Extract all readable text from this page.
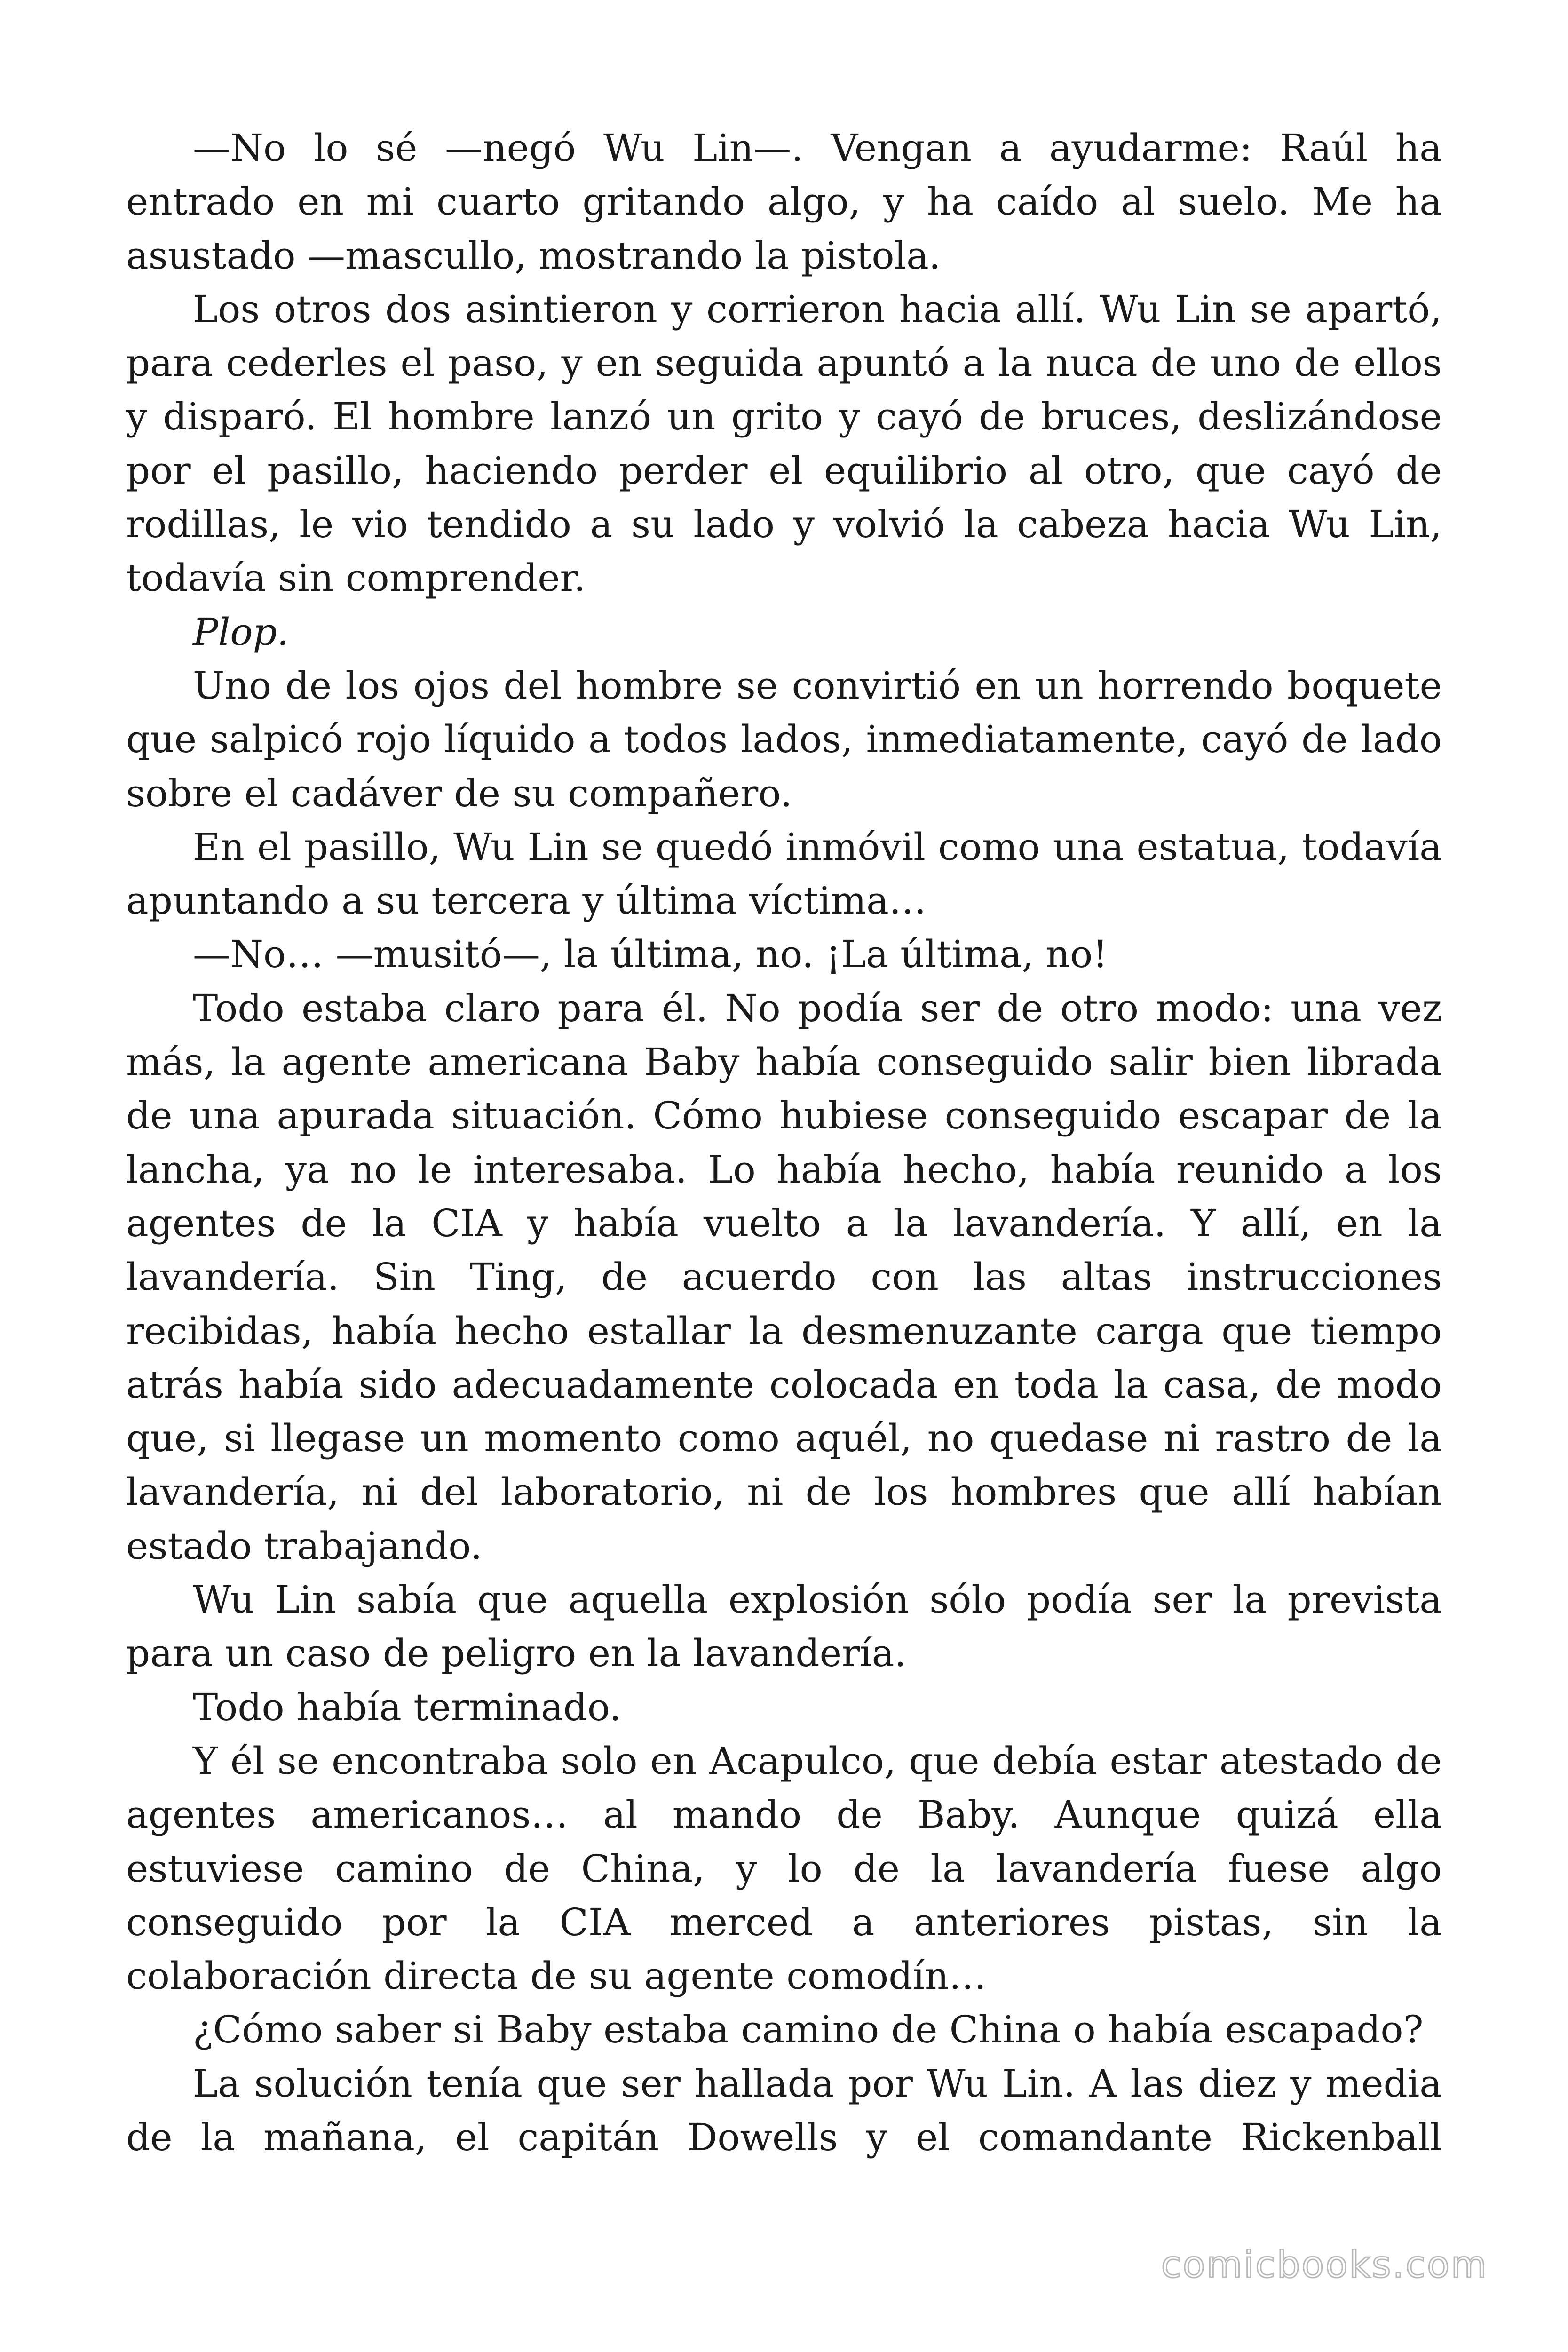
—No lo sé —negó Wu Lin—. Vengan a ayudarme: Raúl ha entrado en mi cuarto gritando algo, y ha caído al suelo. Me ha asustado —mascullo, mostrando la pistola.

Los otros dos asintieron y corrieron hacia allí. Wu Lin se apartó, para cederles el paso, y en seguida apuntó a la nuca de uno de ellos y disparó. El hombre lanzó un grito y cayó de bruces, deslizándose por el pasillo, haciendo perder el equilibrio al otro, que cayó de rodillas, le vio tendido a su lado y volvió la cabeza hacia Wu Lin, todavía sin comprender.

Plop.

Uno de los ojos del hombre se convirtió en un horrendo boquete que salpicó rojo líquido a todos lados, inmediatamente, cayó de lado sobre el cadáver de su compañero.

En el pasillo, Wu Lin se quedó inmóvil como una estatua, todavía apuntando a su tercera y última víctima…

—No… —musitó—, la última, no. ¡La última, no!

Todo estaba claro para él. No podía ser de otro modo: una vez más, la agente americana Baby había conseguido salir bien librada de una apurada situación. Cómo hubiese conseguido escapar de la lancha, ya no le interesaba. Lo había hecho, había reunido a los agentes de la CIA y había vuelto a la lavandería. Y allí, en la lavandería. Sin Ting, de acuerdo con las altas instrucciones recibidas, había hecho estallar la desmenuzante carga que tiempo atrás había sido adecuadamente colocada en toda la casa, de modo que, si llegase un momento como aquél, no quedase ni rastro de la lavandería, ni del laboratorio, ni de los hombres que allí habían estado trabajando.

Wu Lin sabía que aquella explosión sólo podía ser la prevista para un caso de peligro en la lavandería.

Todo había terminado.

Y él se encontraba solo en Acapulco, que debía estar atestado de agentes americanos… al mando de Baby. Aunque quizá ella estuviese camino de China, y lo de la lavandería fuese algo conseguido por la CIA merced a anteriores pistas, sin la colaboración directa de su agente comodín…

¿Cómo saber si Baby estaba camino de China o había escapado?

La solución tenía que ser hallada por Wu Lin. A las diez y media de la mañana, el capitán Dowells y el comandante Rickenball

comicbooks.com
